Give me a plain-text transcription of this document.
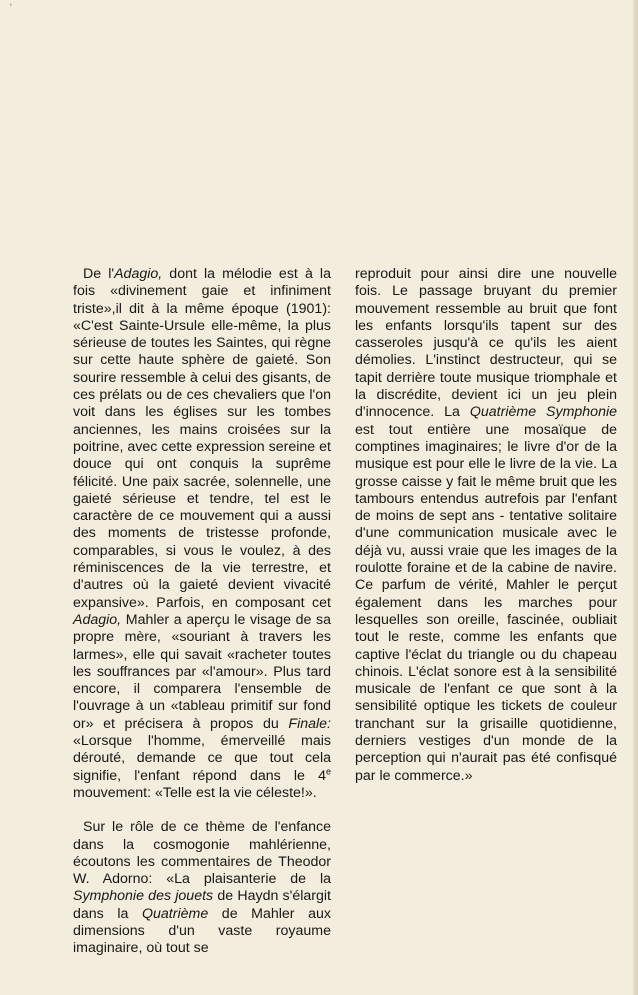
'

De l'Adagio, dont la mélodie est à la fois «divinement gaie et infiniment triste»,il dit à la même époque (1901): «C'est Sainte-Ursule elle-même, la plus sérieuse de toutes les Saintes, qui règne sur cette haute sphère de gaieté. Son sourire ressemble à celui des gisants, de ces prélats ou de ces chevaliers que l'on voit dans les églises sur les tombes anciennes, les mains croisées sur la poitrine, avec cette expression sereine et douce qui ont conquis la suprême félicité. Une paix sacrée, solennelle, une gaieté sérieuse et tendre, tel est le caractère de ce mouvement qui a aussi des moments de tristesse profonde, comparables, si vous le voulez, à des réminiscences de la vie terrestre, et d'autres où la gaieté devient vivacité expansive». Parfois, en composant cet Adagio, Mahler a aperçu le visage de sa propre mère, «souriant à travers les larmes», elle qui savait «racheter toutes les souffrances par «l'amour». Plus tard encore, il comparera l'ensemble de l'ouvrage à un «tableau primitif sur fond or» et précisera à propos du Finale: «Lorsque l'homme, émerveillé mais dérouté, demande ce que tout cela signifie, l'enfant répond dans le 4e mouvement: «Telle est la vie céleste!».

Sur le rôle de ce thème de l'enfance dans la cosmogonie mahlérienne, écoutons les commentaires de Theodor W. Adorno: «La plaisanterie de la Symphonie des jouets de Haydn s'élargit dans la Quatrième de Mahler aux dimensions d'un vaste royaume imaginaire, où tout se

reproduit pour ainsi dire une nouvelle fois. Le passage bruyant du premier mouvement ressemble au bruit que font les enfants lorsqu'ils tapent sur des casseroles jusqu'à ce qu'ils les aient démolies. L'instinct destructeur, qui se tapit derrière toute musique triomphale et la discrédite, devient ici un jeu plein d'innocence. La Quatrième Symphonie est tout entière une mosaïque de comptines imaginaires; le livre d'or de la musique est pour elle le livre de la vie. La grosse caisse y fait le même bruit que les tambours entendus autrefois par l'enfant de moins de sept ans - tentative solitaire d'une communication musicale avec le déjà vu, aussi vraie que les images de la roulotte foraine et de la cabine de navire. Ce parfum de vérité, Mahler le perçut également dans les marches pour lesquelles son oreille, fascinée, oubliait tout le reste, comme les enfants que captive l'éclat du triangle ou du chapeau chinois. L'éclat sonore est à la sensibilité musicale de l'enfant ce que sont à la sensibilité optique les tickets de couleur tranchant sur la grisaille quotidienne, derniers vestiges d'un monde de la perception qui n'aurait pas été confisqué par le commerce.»
